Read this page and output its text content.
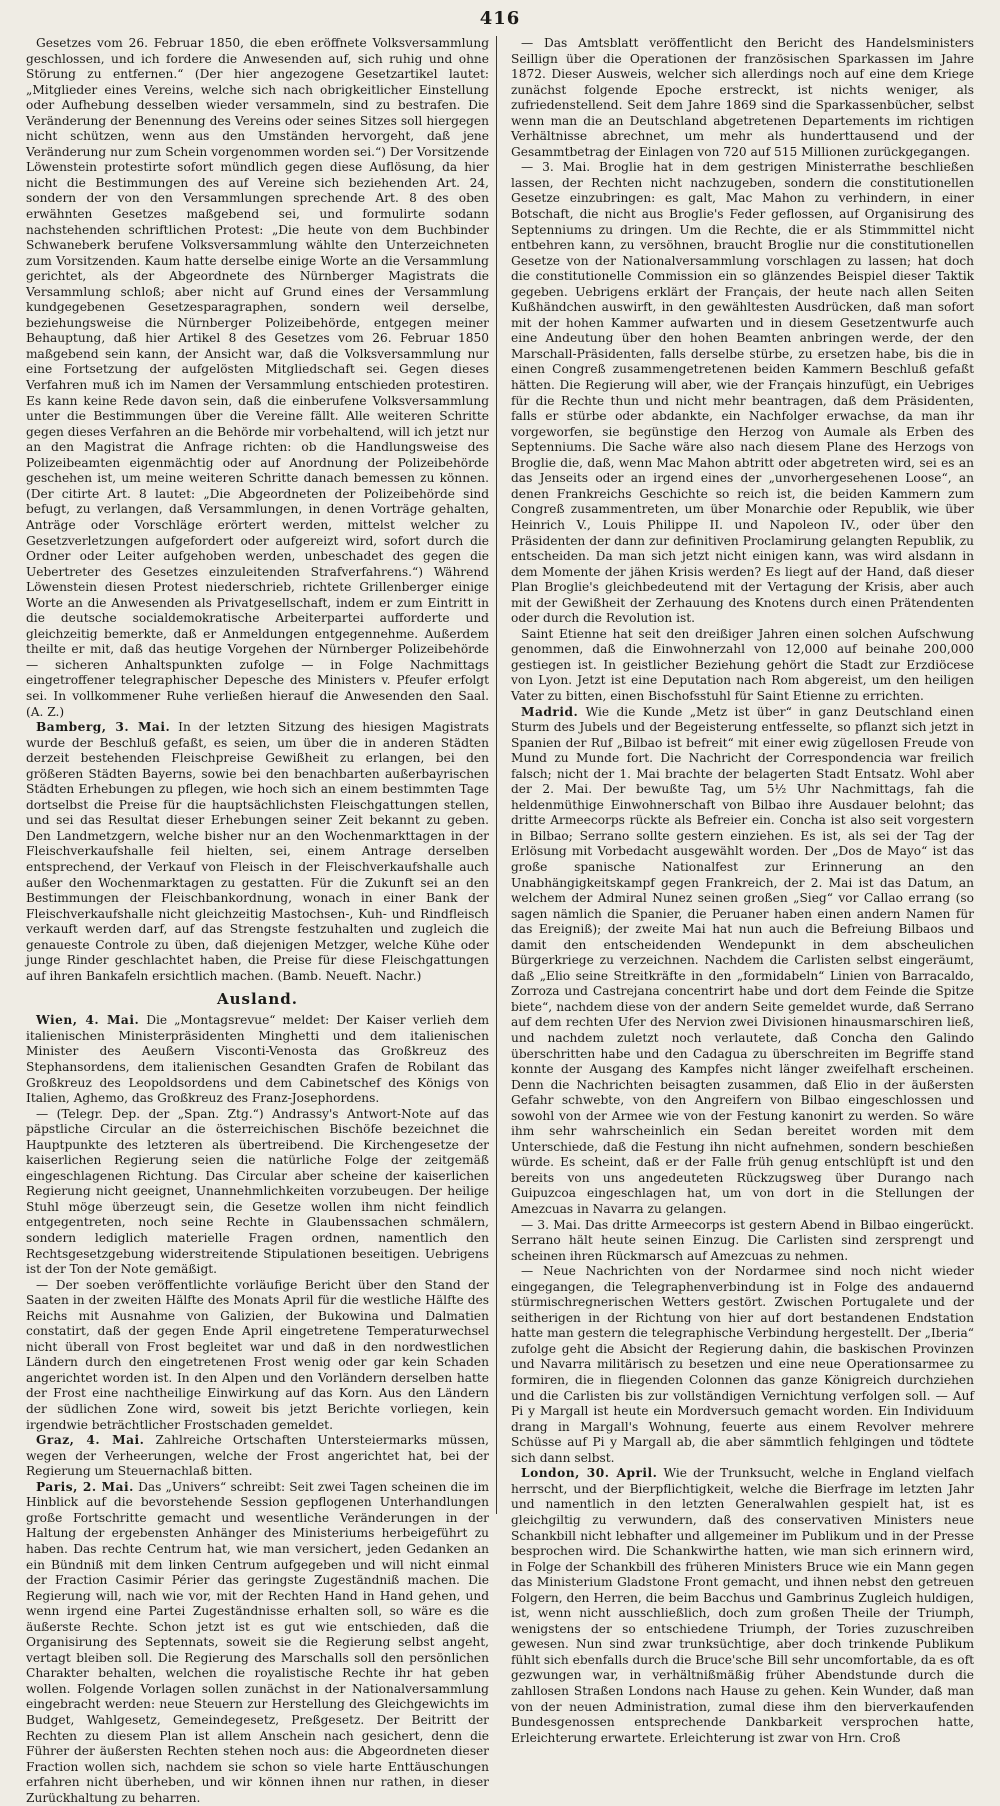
416

Gesetzes vom 26. Februar 1850, die eben eröffnete Volksversammlung geschlossen, und ich fordere die Anwesenden auf, sich ruhig und ohne Störung zu entfernen.“ (Der hier angezogene Gesetzartikel lautet: „Mitglieder eines Vereins, welche sich nach obrigkeitlicher Einstellung oder Aufhebung desselben wieder versammeln, sind zu bestrafen. Die Veränderung der Benennung des Vereins oder seines Sitzes soll hiergegen nicht schützen, wenn aus den Umständen hervorgeht, daß jene Veränderung nur zum Schein vorgenommen worden sei.“) Der Vorsitzende Löwenstein protestirte sofort mündlich gegen diese Auflösung, da hier nicht die Bestimmungen des auf Vereine sich beziehenden Art. 24, sondern der von den Versammlungen sprechende Art. 8 des oben erwähnten Gesetzes maßgebend sei, und formulirte sodann nachstehenden schriftlichen Protest: „Die heute von dem Buchbinder Schwaneberk berufene Volksversammlung wählte den Unterzeichneten zum Vorsitzenden. Kaum hatte derselbe einige Worte an die Versammlung gerichtet, als der Abgeordnete des Nürnberger Magistrats die Versammlung schloß; aber nicht auf Grund eines der Versammlung kundgegebenen Gesetzesparagraphen, sondern weil derselbe, beziehungsweise die Nürnberger Polizeibehörde, entgegen meiner Behauptung, daß hier Artikel 8 des Gesetzes vom 26. Februar 1850 maßgebend sein kann, der Ansicht war, daß die Volksversammlung nur eine Fortsetzung der aufgelösten Mitgliedschaft sei. Gegen dieses Verfahren muß ich im Namen der Versammlung entschieden protestiren. Es kann keine Rede davon sein, daß die einberufene Volksversammlung unter die Bestimmungen über die Vereine fällt. Alle weiteren Schritte gegen dieses Verfahren an die Behörde mir vorbehaltend, will ich jetzt nur an den Magistrat die Anfrage richten: ob die Handlungsweise des Polizeibeamten eigenmächtig oder auf Anordnung der Polizeibehörde geschehen ist, um meine weiteren Schritte danach bemessen zu können. (Der citirte Art. 8 lautet: „Die Abgeordneten der Polizeibehörde sind befugt, zu verlangen, daß Versammlungen, in denen Vorträge gehalten, Anträge oder Vorschläge erörtert werden, mittelst welcher zu Gesetzverletzungen aufgefordert oder aufgereizt wird, sofort durch die Ordner oder Leiter aufgehoben werden, unbeschadet des gegen die Uebertreter des Gesetzes einzuleitenden Strafverfahrens.“) Während Löwenstein diesen Protest niederschrieb, richtete Grillenberger einige Worte an die Anwesenden als Privatgesellschaft, indem er zum Eintritt in die deutsche socialdemokratische Arbeiterpartei aufforderte und gleichzeitig bemerkte, daß er Anmeldungen entgegennehme. Außerdem theilte er mit, daß das heutige Vorgehen der Nürnberger Polizeibehörde — sicheren Anhaltspunkten zufolge — in Folge Nachmittags eingetroffener telegraphischer Depesche des Ministers v. Pfeufer erfolgt sei. In vollkommener Ruhe verließen hierauf die Anwesenden den Saal. (A. Z.)

Bamberg, 3. Mai. In der letzten Sitzung des hiesigen Magistrats wurde der Beschluß gefaßt, es seien, um über die in anderen Städten derzeit bestehenden Fleischpreise Gewißheit zu erlangen, bei den größeren Städten Bayerns, sowie bei den benachbarten außerbayrischen Städten Erhebungen zu pflegen, wie hoch sich an einem bestimmten Tage dortselbst die Preise für die hauptsächlichsten Fleischgattungen stellen, und sei das Resultat dieser Erhebungen seiner Zeit bekannt zu geben. Den Landmetzgern, welche bisher nur an den Wochenmarkttagen in der Fleischverkaufshalle feil hielten, sei, einem Antrage derselben entsprechend, der Verkauf von Fleisch in der Fleischverkaufshalle auch außer den Wochenmarktagen zu gestatten. Für die Zukunft sei an den Bestimmungen der Fleischbankordnung, wonach in einer Bank der Fleischverkaufshalle nicht gleichzeitig Mastochsen-, Kuh- und Rindfleisch verkauft werden darf, auf das Strengste festzuhalten und zugleich die genaueste Controle zu üben, daß diejenigen Metzger, welche Kühe oder junge Rinder geschlachtet haben, die Preise für diese Fleischgattungen auf ihren Bankafeln ersichtlich machen. (Bamb. Neueft. Nachr.)

Ausland.

Wien, 4. Mai. Die „Montagsrevue“ meldet: Der Kaiser verlieh dem italienischen Ministerpräsidenten Minghetti und dem italienischen Minister des Aeußern Visconti-Venosta das Großkreuz des Stephansordens, dem italienischen Gesandten Grafen de Robilant das Großkreuz des Leopoldsordens und dem Cabinetschef des Königs von Italien, Aghemo, das Großkreuz des Franz-Josephordens.

— (Telegr. Dep. der „Span. Ztg.“) Andrassy's Antwort-Note auf das päpstliche Circular an die österreichischen Bischöfe bezeichnet die Hauptpunkte des letzteren als übertreibend. Die Kirchengesetze der kaiserlichen Regierung seien die natürliche Folge der zeitgemäß eingeschlagenen Richtung. Das Circular aber scheine der kaiserlichen Regierung nicht geeignet, Unannehmlichkeiten vorzubeugen. Der heilige Stuhl möge überzeugt sein, die Gesetze wollen ihm nicht feindlich entgegentreten, noch seine Rechte in Glaubenssachen schmälern, sondern lediglich materielle Fragen ordnen, namentlich den Rechtsgesetzgebung widerstreitende Stipulationen beseitigen. Uebrigens ist der Ton der Note gemäßigt.

— Der soeben veröffentlichte vorläufige Bericht über den Stand der Saaten in der zweiten Hälfte des Monats April für die westliche Hälfte des Reichs mit Ausnahme von Galizien, der Bukowina und Dalmatien constatirt, daß der gegen Ende April eingetretene Temperaturwechsel nicht überall von Frost begleitet war und daß in den nordwestlichen Ländern durch den eingetretenen Frost wenig oder gar kein Schaden angerichtet worden ist. In den Alpen und den Vorländern derselben hatte der Frost eine nachtheilige Einwirkung auf das Korn. Aus den Ländern der südlichen Zone wird, soweit bis jetzt Berichte vorliegen, kein irgendwie beträchtlicher Frostschaden gemeldet.

Graz, 4. Mai. Zahlreiche Ortschaften Untersteiermarks müssen, wegen der Verheerungen, welche der Frost angerichtet hat, bei der Regierung um Steuernachlaß bitten.

Paris, 2. Mai. Das „Univers“ schreibt: Seit zwei Tagen scheinen die im Hinblick auf die bevorstehende Session gepflogenen Unterhandlungen große Fortschritte gemacht und wesentliche Veränderungen in der Haltung der ergebensten Anhänger des Ministeriums herbeigeführt zu haben. Das rechte Centrum hat, wie man versichert, jeden Gedanken an ein Bündniß mit dem linken Centrum aufgegeben und will nicht einmal der Fraction Casimir Périer das geringste Zugeständniß machen. Die Regierung will, nach wie vor, mit der Rechten Hand in Hand gehen, und wenn irgend eine Partei Zugeständnisse erhalten soll, so wäre es die äußerste Rechte. Schon jetzt ist es gut wie entschieden, daß die Organisirung des Septennats, soweit sie die Regierung selbst angeht, vertagt bleiben soll. Die Regierung des Marschalls soll den persönlichen Charakter behalten, welchen die royalistische Rechte ihr hat geben wollen. Folgende Vorlagen sollen zunächst in der Nationalversammlung eingebracht werden: neue Steuern zur Herstellung des Gleichgewichts im Budget, Wahlgesetz, Gemeindegesetz, Preßgesetz. Der Beitritt der Rechten zu diesem Plan ist allem Anschein nach gesichert, denn die Führer der äußersten Rechten stehen noch aus: die Abgeordneten dieser Fraction wollen sich, nachdem sie schon so viele harte Enttäuschungen erfahren nicht überheben, und wir können ihnen nur rathen, in dieser Zurückhaltung zu beharren.

— Das Amtsblatt veröffentlicht den Bericht des Handelsministers Seillign über die Operationen der französischen Sparkassen im Jahre 1872. Dieser Ausweis, welcher sich allerdings noch auf eine dem Kriege zunächst folgende Epoche erstreckt, ist nichts weniger, als zufriedenstellend. Seit dem Jahre 1869 sind die Sparkassenbücher, selbst wenn man die an Deutschland abgetretenen Departements im richtigen Verhältnisse abrechnet, um mehr als hunderttausend und der Gesammtbetrag der Einlagen von 720 auf 515 Millionen zurückgegangen.

— 3. Mai. Broglie hat in dem gestrigen Ministerrathe beschließen lassen, der Rechten nicht nachzugeben, sondern die constitutionellen Gesetze einzubringen: es galt, Mac Mahon zu verhindern, in einer Botschaft, die nicht aus Broglie's Feder geflossen, auf Organisirung des Septenniums zu dringen. Um die Rechte, die er als Stimmmittel nicht entbehren kann, zu versöhnen, braucht Broglie nur die constitutionellen Gesetze von der Nationalversammlung vorschlagen zu lassen; hat doch die constitutionelle Commission ein so glänzendes Beispiel dieser Taktik gegeben. Uebrigens erklärt der Français, der heute nach allen Seiten Kußhändchen auswirft, in den gewähltesten Ausdrücken, daß man sofort mit der hohen Kammer aufwarten und in diesem Gesetzentwurfe auch eine Andeutung über den hohen Beamten anbringen werde, der den Marschall-Präsidenten, falls derselbe stürbe, zu ersetzen habe, bis die in einen Congreß zusammengetretenen beiden Kammern Beschluß gefaßt hätten. Die Regierung will aber, wie der Français hinzufügt, ein Uebriges für die Rechte thun und nicht mehr beantragen, daß dem Präsidenten, falls er stürbe oder abdankte, ein Nachfolger erwachse, da man ihr vorgeworfen, sie begünstige den Herzog von Aumale als Erben des Septenniums. Die Sache wäre also nach diesem Plane des Herzogs von Broglie die, daß, wenn Mac Mahon abtritt oder abgetreten wird, sei es an das Jenseits oder an irgend eines der „unvorhergesehenen Loose“, an denen Frankreichs Geschichte so reich ist, die beiden Kammern zum Congreß zusammentreten, um über Monarchie oder Republik, wie über Heinrich V., Louis Philippe II. und Napoleon IV., oder über den Präsidenten der dann zur definitiven Proclamirung gelangten Republik, zu entscheiden. Da man sich jetzt nicht einigen kann, was wird alsdann in dem Momente der jähen Krisis werden? Es liegt auf der Hand, daß dieser Plan Broglie's gleichbedeutend mit der Vertagung der Krisis, aber auch mit der Gewißheit der Zerhauung des Knotens durch einen Prätendenten oder durch die Revolution ist.

Saint Etienne hat seit den dreißiger Jahren einen solchen Aufschwung genommen, daß die Einwohnerzahl von 12,000 auf beinahe 200,000 gestiegen ist. In geistlicher Beziehung gehört die Stadt zur Erzdiöcese von Lyon. Jetzt ist eine Deputation nach Rom abgereist, um den heiligen Vater zu bitten, einen Bischofsstuhl für Saint Etienne zu errichten.

Madrid. Wie die Kunde „Metz ist über“ in ganz Deutschland einen Sturm des Jubels und der Begeisterung entfesselte, so pflanzt sich jetzt in Spanien der Ruf „Bilbao ist befreit“ mit einer ewig zügellosen Freude von Mund zu Munde fort. Die Nachricht der Correspondencia war freilich falsch; nicht der 1. Mai brachte der belagerten Stadt Entsatz. Wohl aber der 2. Mai. Der bewußte Tag, um 5½ Uhr Nachmittags, fah die heldenmüthige Einwohnerschaft von Bilbao ihre Ausdauer belohnt; das dritte Armeecorps rückte als Befreier ein. Concha ist also seit vorgestern in Bilbao; Serrano sollte gestern einziehen. Es ist, als sei der Tag der Erlösung mit Vorbedacht ausgewählt worden. Der „Dos de Mayo“ ist das große spanische Nationalfest zur Erinnerung an den Unabhängigkeitskampf gegen Frankreich, der 2. Mai ist das Datum, an welchem der Admiral Nunez seinen großen „Sieg“ vor Callao errang (so sagen nämlich die Spanier, die Peruaner haben einen andern Namen für das Ereigniß); der zweite Mai hat nun auch die Befreiung Bilbaos und damit den entscheidenden Wendepunkt in dem abscheulichen Bürgerkriege zu verzeichnen. Nachdem die Carlisten selbst eingeräumt, daß „Elio seine Streitkräfte in den „formidabeln“ Linien von Barracaldo, Zorroza und Castrejana concentrirt habe und dort dem Feinde die Spitze biete“, nachdem diese von der andern Seite gemeldet wurde, daß Serrano auf dem rechten Ufer des Nervion zwei Divisionen hinausmarschiren ließ, und nachdem zuletzt noch verlautete, daß Concha den Galindo überschritten habe und den Cadagua zu überschreiten im Begriffe stand konnte der Ausgang des Kampfes nicht länger zweifelhaft erscheinen. Denn die Nachrichten beisagten zusammen, daß Elio in der äußersten Gefahr schwebte, von den Angreifern von Bilbao eingeschlossen und sowohl von der Armee wie von der Festung kanonirt zu werden. So wäre ihm sehr wahrscheinlich ein Sedan bereitet worden mit dem Unterschiede, daß die Festung ihn nicht aufnehmen, sondern beschießen würde. Es scheint, daß er der Falle früh genug entschlüpft ist und den bereits von uns angedeuteten Rückzugsweg über Durango nach Guipuzcoa eingeschlagen hat, um von dort in die Stellungen der Amezcuas in Navarra zu gelangen.

— 3. Mai. Das dritte Armeecorps ist gestern Abend in Bilbao eingerückt. Serrano hält heute seinen Einzug. Die Carlisten sind zersprengt und scheinen ihren Rückmarsch auf Amezcuas zu nehmen.

— Neue Nachrichten von der Nordarmee sind noch nicht wieder eingegangen, die Telegraphenverbindung ist in Folge des andauernd stürmischregnerischen Wetters gestört. Zwischen Portugalete und der seitherigen in der Richtung von hier auf dort bestandenen Endstation hatte man gestern die telegraphische Verbindung hergestellt. Der „Iberia“ zufolge geht die Absicht der Regierung dahin, die baskischen Provinzen und Navarra militärisch zu besetzen und eine neue Operationsarmee zu formiren, die in fliegenden Colonnen das ganze Königreich durchziehen und die Carlisten bis zur vollständigen Vernichtung verfolgen soll. — Auf Pi y Margall ist heute ein Mordversuch gemacht worden. Ein Individuum drang in Margall's Wohnung, feuerte aus einem Revolver mehrere Schüsse auf Pi y Margall ab, die aber sämmtlich fehlgingen und tödtete sich dann selbst.

London, 30. April. Wie der Trunksucht, welche in England vielfach herrscht, und der Bierpflichtigkeit, welche die Bierfrage im letzten Jahr und namentlich in den letzten Generalwahlen gespielt hat, ist es gleichgiltig zu verwundern, daß des conservativen Ministers neue Schankbill nicht lebhafter und allgemeiner im Publikum und in der Presse besprochen wird. Die Schankwirthe hatten, wie man sich erinnern wird, in Folge der Schankbill des früheren Ministers Bruce wie ein Mann gegen das Ministerium Gladstone Front gemacht, und ihnen nebst den getreuen Folgern, den Herren, die beim Bacchus und Gambrinus Zugleich huldigen, ist, wenn nicht ausschließlich, doch zum großen Theile der Triumph, wenigstens der so entschiedene Triumph, der Tories zuzuschreiben gewesen. Nun sind zwar trunksüchtige, aber doch trinkende Publikum fühlt sich ebenfalls durch die Bruce'sche Bill sehr uncomfortable, da es oft gezwungen war, in verhältnißmäßig früher Abendstunde durch die zahllosen Straßen Londons nach Hause zu gehen. Kein Wunder, daß man von der neuen Administration, zumal diese ihm den bierverkaufenden Bundesgenossen entsprechende Dankbarkeit versprochen hatte, Erleichterung erwartete. Erleichterung ist zwar von Hrn. Croß
